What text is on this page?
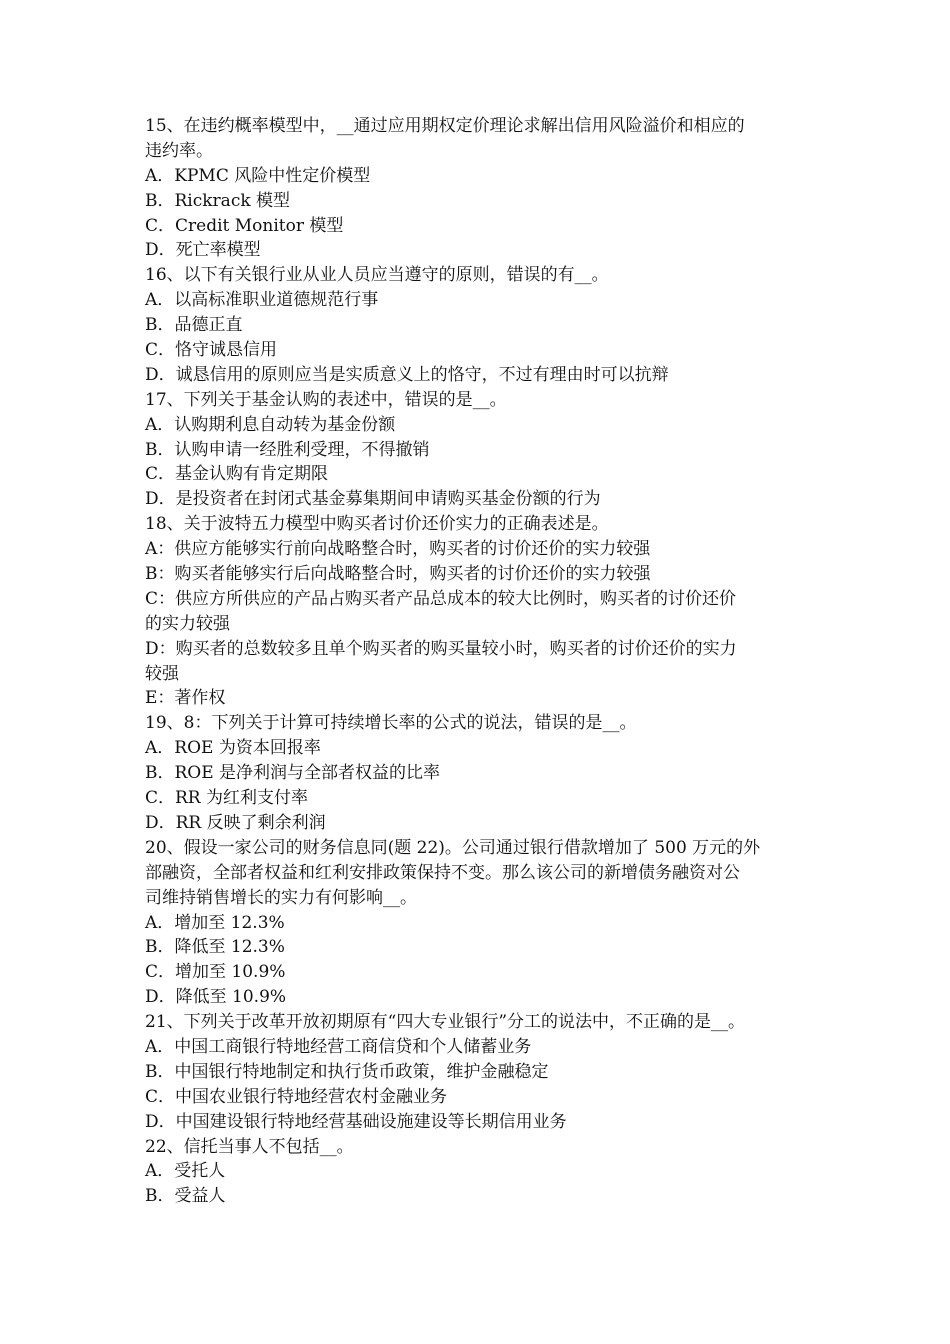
15、在违约概率模型中，__通过应用期权定价理论求解出信用风险溢价和相应的
违约率。
A．KPMC 风险中性定价模型
B．Rickrack 模型
C．Credit Monitor 模型
D．死亡率模型
16、以下有关银行业从业人员应当遵守的原则，错误的有__。
A．以高标准职业道德规范行事
B．品德正直
C．恪守诚恳信用
D．诚恳信用的原则应当是实质意义上的恪守，不过有理由时可以抗辩
17、下列关于基金认购的表述中，错误的是__。
A．认购期利息自动转为基金份额
B．认购申请一经胜利受理，不得撤销
C．基金认购有肯定期限
D．是投资者在封闭式基金募集期间申请购买基金份额的行为
18、关于波特五力模型中购买者讨价还价实力的正确表述是。
A：供应方能够实行前向战略整合时，购买者的讨价还价的实力较强
B：购买者能够实行后向战略整合时，购买者的讨价还价的实力较强
C：供应方所供应的产品占购买者产品总成本的较大比例时，购买者的讨价还价
的实力较强
D：购买者的总数较多且单个购买者的购买量较小时，购买者的讨价还价的实力
较强
E：著作权
19、8：下列关于计算可持续增长率的公式的说法，错误的是__。
A．ROE 为资本回报率
B．ROE 是净利润与全部者权益的比率
C．RR 为红利支付率
D．RR 反映了剩余利润
20、假设一家公司的财务信息同(题 22)。公司通过银行借款增加了 500 万元的外
部融资，全部者权益和红利安排政策保持不变。那么该公司的新增债务融资对公
司维持销售增长的实力有何影响__。
A．增加至 12.3%
B．降低至 12.3%
C．增加至 10.9%
D．降低至 10.9%
21、下列关于改革开放初期原有“四大专业银行”分工的说法中，不正确的是__。
A．中国工商银行特地经营工商信贷和个人储蓄业务
B．中国银行特地制定和执行货币政策，维护金融稳定
C．中国农业银行特地经营农村金融业务
D．中国建设银行特地经营基础设施建设等长期信用业务
22、信托当事人不包括__。
A．受托人
B．受益人
